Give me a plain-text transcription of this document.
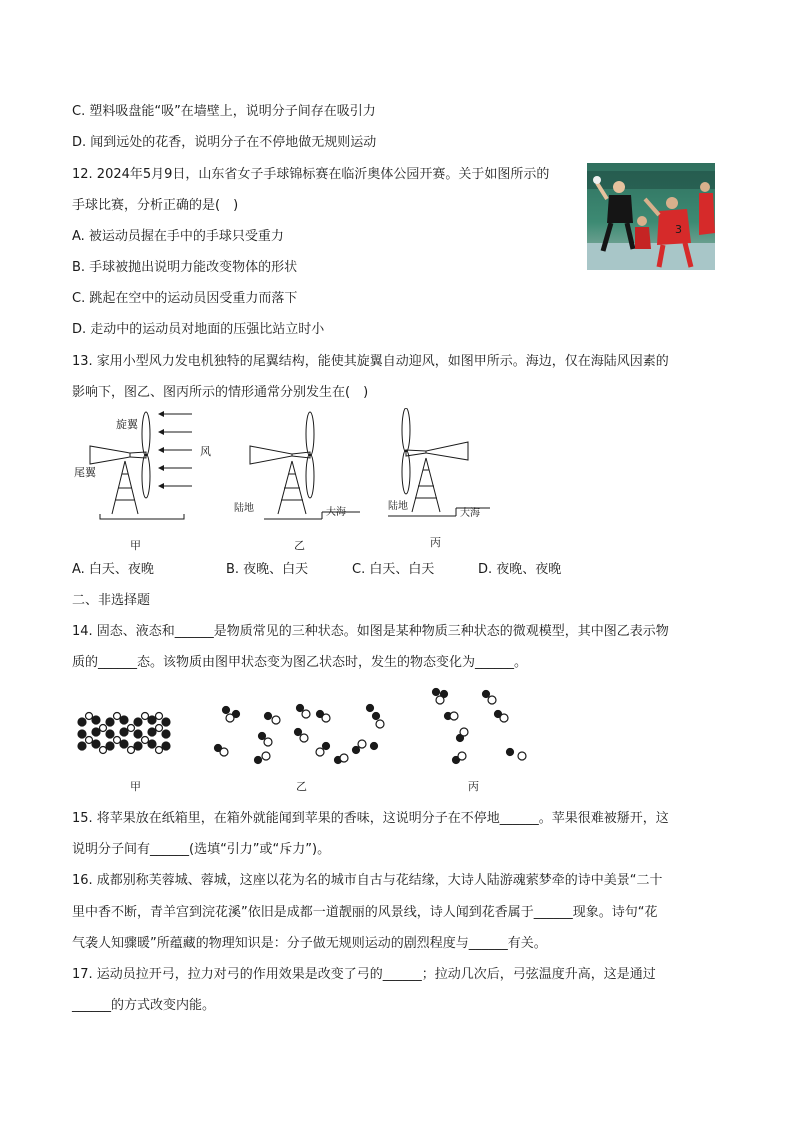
C. 塑料吸盘能“吸”在墙壁上，说明分子间存在吸引力
D. 闻到远处的花香，说明分子在不停地做无规则运动
12. 2024年5月9日，山东省女子手球锦标赛在临沂奥体公园开赛。关于如图所示的
手球比赛，分析正确的是(　)
A. 被运动员握在手中的手球只受重力
B. 手球被抛出说明力能改变物体的形状
C. 跳起在空中的运动员因受重力而落下
D. 走动中的运动员对地面的压强比站立时小
3
13. 家用小型风力发电机独特的尾翼结构，能使其旋翼自动迎风，如图甲所示。海边，仅在海陆风因素的
影响下，图乙、图丙所示的情形通常分别发生在(　)
旋翼
尾翼
风
陆地	大海
陆地
大海
甲	乙	丙
A. 白天、夜晚	B. 夜晚、白天	C. 白天、白天	D. 夜晚、夜晚
二、非选择题
14. 固态、液态和______是物质常见的三种状态。如图是某种物质三种状态的微观模型，其中图乙表示物
质的______态。该物质由图甲状态变为图乙状态时，发生的物态变化为______。
甲	乙	丙
15. 将苹果放在纸箱里，在箱外就能闻到苹果的香味，这说明分子在不停地______。苹果很难被掰开，这
说明分子间有______(选填“引力”或“斥力”)。
16. 成都别称芙蓉城、蓉城，这座以花为名的城市自古与花结缘，大诗人陆游魂萦梦牵的诗中美景“二十
里中香不断，青羊宫到浣花溪”依旧是成都一道靓丽的风景线，诗人闻到花香属于______现象。诗句“花
气袭人知骤暖”所蕴藏的物理知识是：分子做无规则运动的剧烈程度与______有关。
17. 运动员拉开弓，拉力对弓的作用效果是改变了弓的______；拉动几次后，弓弦温度升高，这是通过
______的方式改变内能。
